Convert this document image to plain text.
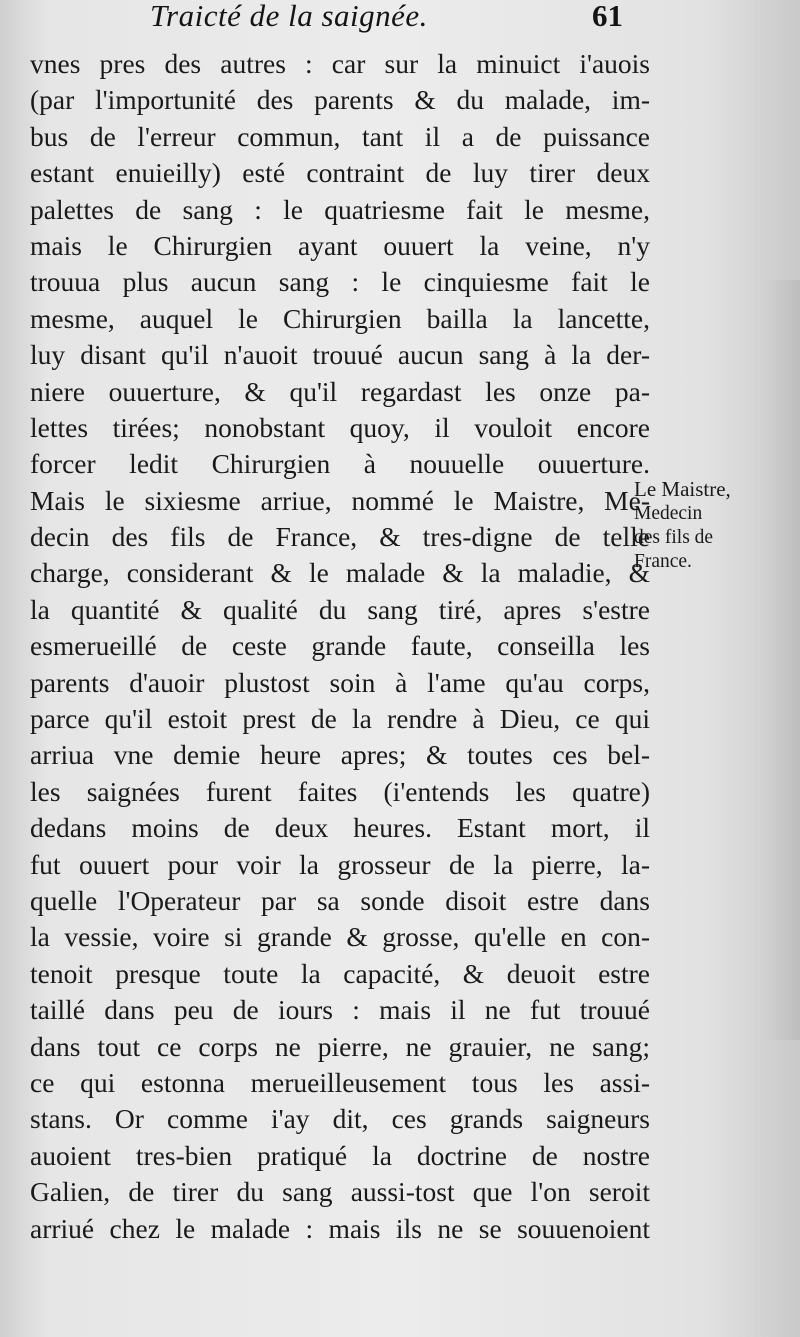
Traicté de la saignée.	61
vnes pres des autres : car sur la minuict i'auois
(par l'importunité des parents & du malade, im-
bus de l'erreur commun, tant il a de puissance
estant enuieilly) esté contraint de luy tirer deux
palettes de sang : le quatriesme fait le mesme,
mais le Chirurgien ayant ouuert la veine, n'y
trouua plus aucun sang : le cinquiesme fait le
mesme, auquel le Chirurgien bailla la lancette,
luy disant qu'il n'auoit trouué aucun sang à la der-
niere ouuerture, & qu'il regardast les onze pa-
lettes tirées; nonobstant quoy, il vouloit encore
forcer ledit Chirurgien à nouuelle ouuerture.
Mais le sixiesme arriue, nommé le Maistre, Me-
decin des fils de France, & tres-digne de telle
charge, considerant & le malade & la maladie, &
la quantité & qualité du sang tiré, apres s'estre
esmerueillé de ceste grande faute, conseilla les
parents d'auoir plustost soin à l'ame qu'au corps,
parce qu'il estoit prest de la rendre à Dieu, ce qui
arriua vne demie heure apres; & toutes ces bel-
les saignées furent faites (i'entends les quatre)
dedans moins de deux heures. Estant mort, il
fut ouuert pour voir la grosseur de la pierre, la-
quelle l'Operateur par sa sonde disoit estre dans
la vessie, voire si grande & grosse, qu'elle en con-
tenoit presque toute la capacité, & deuoit estre
taillé dans peu de iours : mais il ne fut trouué
dans tout ce corps ne pierre, ne grauier, ne sang;
ce qui estonna merueilleusement tous les assi-
stans. Or comme i'ay dit, ces grands saigneurs
auoient tres-bien pratiqué la doctrine de nostre
Galien, de tirer du sang aussi-tost que l'on seroit
arriué chez le malade : mais ils ne se souuenoient
Le Maistre,
Medecin
des fils de
France.
